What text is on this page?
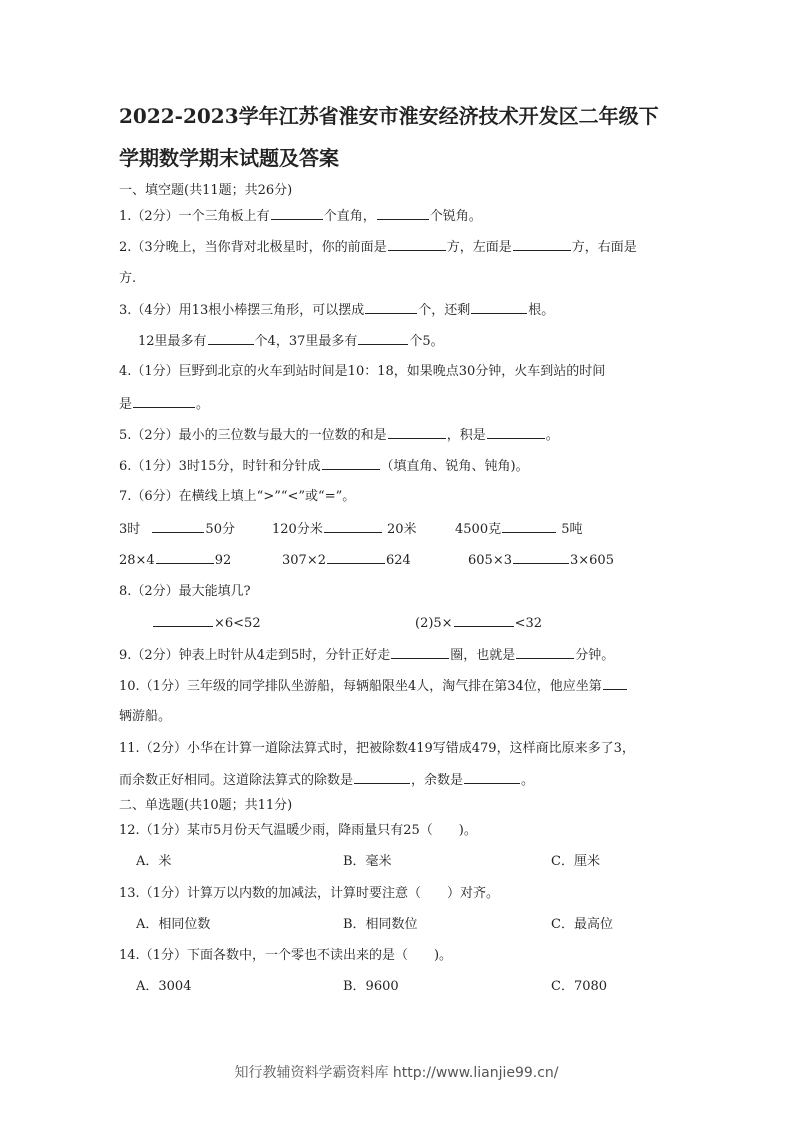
2022-2023学年江苏省淮安市淮安经济技术开发区二年级下
学期数学期末试题及答案
一、填空题(共11题；共26分)
1.（2分）一个三角板上有	个直角，	个锐角。
2.（3分晚上，当你背对北极星时，你的前面是	方，左面是	方，右面是
方.
3.（4分）用13根小棒摆三角形，可以摆成	个，还剩	根。
12里最多有	个4，37里最多有	个5。
4.（1分）巨野到北京的火车到站时间是10：18，如果晚点30分钟，火车到站的时间
是	。
5.（2分）最小的三位数与最大的一位数的和是	，积是	。
6.（1分）3时15分，时针和分针成	（填直角、锐角、钝角)。
7.（6分）在横线上填上“>”“<”或“=”。
3时	50分	120分米	20米	4500克	5吨
28×4	92	307×2	624	605×3	3×605
8.（2分）最大能填几?
×6<52	(2)5×	<32
9.（2分）钟表上时针从4走到5时，分针正好走	圈，也就是	分钟。
10.（1分）三年级的同学排队坐游船，每辆船限坐4人，淘气排在第34位，他应坐第
辆游船。
11.（2分）小华在计算一道除法算式时，把被除数419写错成479，这样商比原来多了3，
而余数正好相同。这道除法算式的除数是	，余数是	。
二、单选题(共10题；共11分)
12.（1分）某市5月份天气温暖少雨，降雨量只有25（　　)。
A．米	B．毫米	C．厘米
13.（1分）计算万以内数的加减法，计算时要注意（　　）对齐。
A．相同位数	B．相同数位	C．最高位
14.（1分）下面各数中，一个零也不读出来的是（　　)。
A．3004	B．9600	C．7080
知行教辅资料学霸资料库 http://www.lianjie99.cn/
